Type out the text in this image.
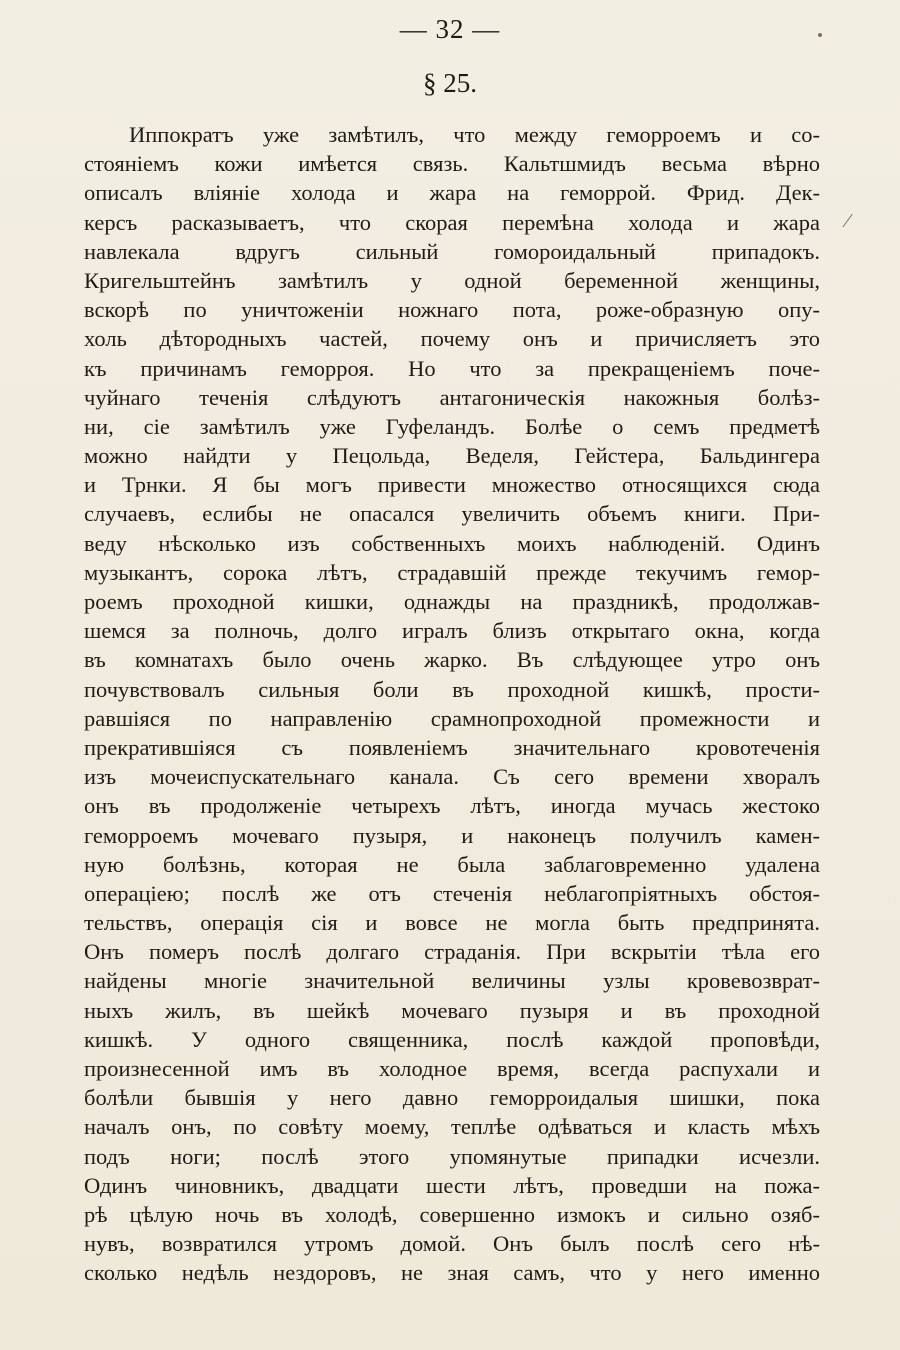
— 32 —
§ 25.
⁄
Иппократъ уже замѣтилъ, что между геморроемъ и со-
стояніемъ кожи имѣется связь. Кальтшмидъ весьма вѣрно
описалъ вліяніе холода и жара на геморрой. Фрид. Дек-
керсъ расказываетъ, что скорая перемѣна холода и жара
навлекала вдругъ сильный гомороидальный припадокъ.
Кригельштейнъ замѣтилъ у одной беременной женщины,
вскорѣ по уничтоженіи ножнаго пота, роже-образную опу-
холь дѣтородныхъ частей, почему онъ и причисляетъ это
къ причинамъ геморроя. Но что за прекращеніемъ поче-
чуйнаго теченія слѣдуютъ антагоническія накожныя болѣз-
ни, сіе замѣтилъ уже Гуфеландъ. Болѣе о семъ предметѣ
можно найдти у Пецольда, Веделя, Гейстера, Бальдингера
и Трнки. Я бы могъ привести множество относящихся сюда
случаевъ, еслибы не опасался увеличить объемъ книги. При-
веду нѣсколько изъ собственныхъ моихъ наблюденій. Одинъ
музыкантъ, сорока лѣтъ, страдавшій прежде текучимъ гемор-
роемъ проходной кишки, однажды на праздникѣ, продолжав-
шемся за полночь, долго игралъ близъ открытаго окна, когда
въ комнатахъ было очень жарко. Въ слѣдующее утро онъ
почувствовалъ сильныя боли въ проходной кишкѣ, прости-
равшіяся по направленію срамнопроходной промежности и
прекратившіяся съ появленіемъ значительнаго кровотеченія
изъ мочеиспускательнаго канала. Съ сего времени хворалъ
онъ въ продолженіе четырехъ лѣтъ, иногда мучась жестоко
геморроемъ мочеваго пузыря, и наконецъ получилъ камен-
ную болѣзнь, которая не была заблаговременно удалена
операціею; послѣ же отъ стеченія неблагопріятныхъ обстоя-
тельствъ, операція сія и вовсе не могла быть предпринята.
Онъ померъ послѣ долгаго страданія. При вскрытіи тѣла его
найдены многіе значительной величины узлы кровевозврат-
ныхъ жилъ, въ шейкѣ мочеваго пузыря и въ проходной
кишкѣ. У одного священника, послѣ каждой проповѣди,
произнесенной имъ въ холодное время, всегда распухали и
болѣли бывшія у него давно геморроидалыя шишки, пока
началъ онъ, по совѣту моему, теплѣе одѣваться и класть мѣхъ
подъ ноги; послѣ этого упомянутые припадки исчезли.
Одинъ чиновникъ, двадцати шести лѣтъ, проведши на пожа-
рѣ цѣлую ночь въ холодѣ, совершенно измокъ и сильно озяб-
нувъ, возвратился утромъ домой. Онъ былъ послѣ сего нѣ-
сколько недѣль нездоровъ, не зная самъ, что у него именно
